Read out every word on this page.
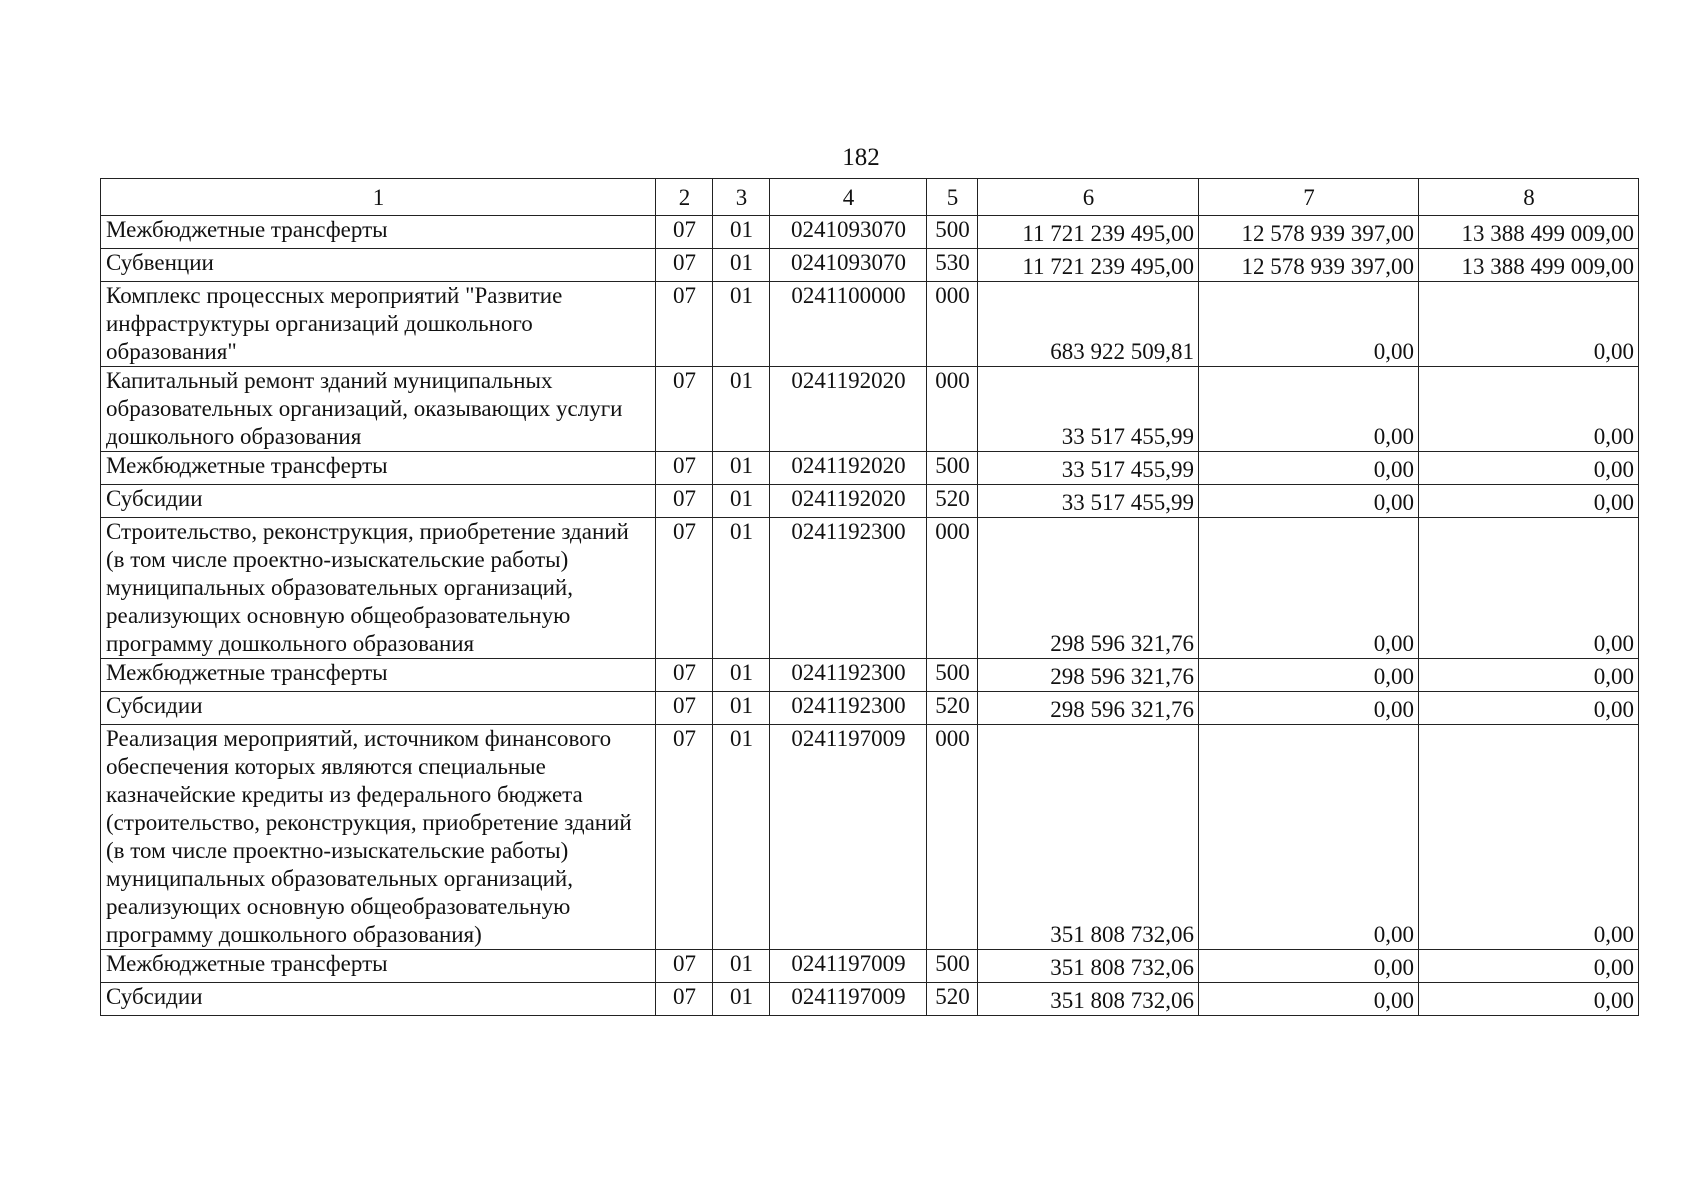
182
1	2	3	4	5	6	7	8
Межбюджетные трансферты	07	01	0241093070	500	11 721 239 495,00	12 578 939 397,00	13 388 499 009,00
Субвенции	07	01	0241093070	530	11 721 239 495,00	12 578 939 397,00	13 388 499 009,00
Комплекс процессных мероприятий "Развитие инфраструктуры организаций дошкольного образования"	07	01	0241100000	000	683 922 509,81	0,00	0,00
Капитальный ремонт зданий муниципальных образовательных организаций, оказывающих услуги дошкольного образования	07	01	0241192020	000	33 517 455,99	0,00	0,00
Межбюджетные трансферты	07	01	0241192020	500	33 517 455,99	0,00	0,00
Субсидии	07	01	0241192020	520	33 517 455,99	0,00	0,00
Строительство, реконструкция, приобретение зданий (в том числе проектно-изыскательские работы) муниципальных образовательных организаций, реализующих основную общеобразовательную программу дошкольного образования	07	01	0241192300	000	298 596 321,76	0,00	0,00
Межбюджетные трансферты	07	01	0241192300	500	298 596 321,76	0,00	0,00
Субсидии	07	01	0241192300	520	298 596 321,76	0,00	0,00
Реализация мероприятий, источником финансового обеспечения которых являются специальные казначейские кредиты из федерального бюджета (строительство, реконструкция, приобретение зданий (в том числе проектно-изыскательские работы) муниципальных образовательных организаций, реализующих основную общеобразовательную программу дошкольного образования)	07	01	0241197009	000	351 808 732,06	0,00	0,00
Межбюджетные трансферты	07	01	0241197009	500	351 808 732,06	0,00	0,00
Субсидии	07	01	0241197009	520	351 808 732,06	0,00	0,00
